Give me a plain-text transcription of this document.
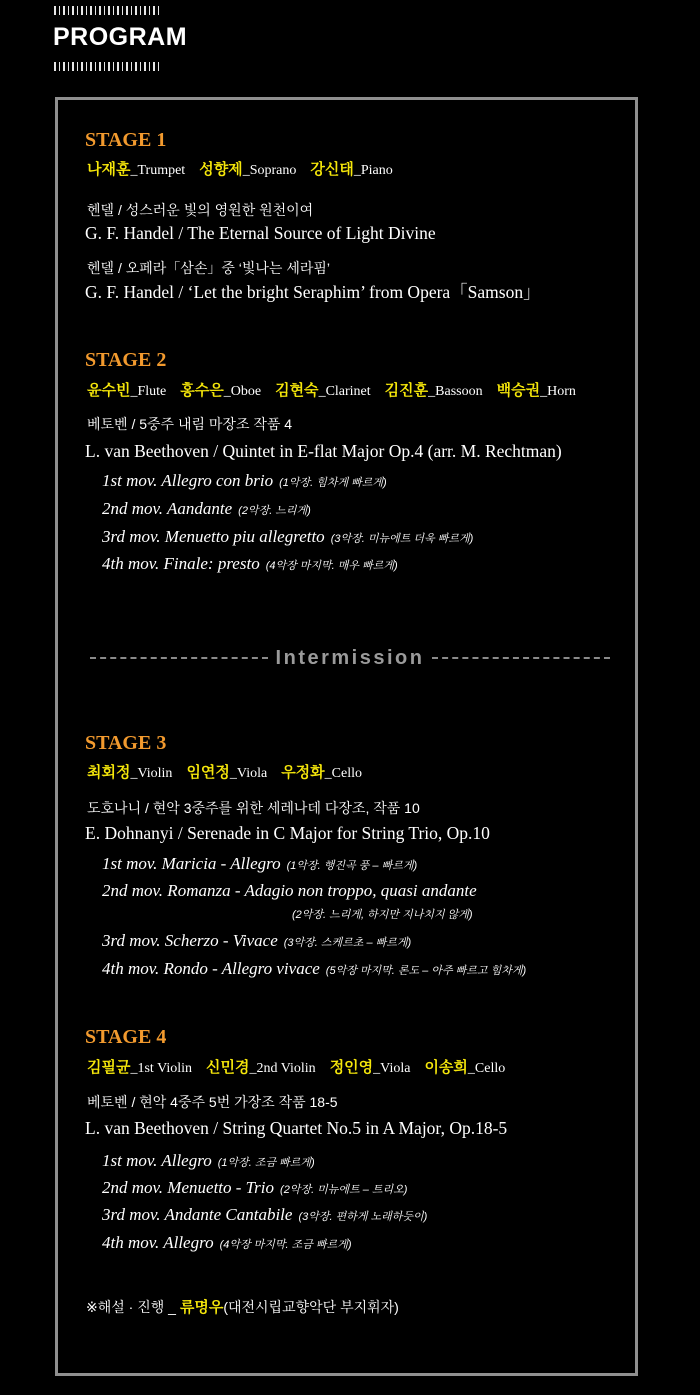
PROGRAM
STAGE 1
나재훈_Trumpet 성향제_Soprano 강신태_Piano
헨델 / 성스러운 빛의 영원한 원천이여
G. F. Handel / The Eternal Source of Light Divine
헨델 / 오페라「삼손」중 ‘빛나는 세라핌’
G. F. Handel / ‘Let the bright Seraphim’ from Opera「Samson」
STAGE 2
윤수빈_Flute 홍수은_Oboe 김현숙_Clarinet 김진훈_Bassoon 백승권_Horn
베토벤 / 5중주 내림 마장조 작품 4
L. van Beethoven / Quintet in E-flat Major Op.4 (arr. M. Rechtman)
1st mov. Allegro con brio (1악장. 힘차게 빠르게)
2nd mov. Aandante (2악장. 느리게)
3rd mov. Menuetto piu allegretto (3악장. 미뉴에트 더욱 빠르게)
4th mov. Finale: presto (4악장 마지막. 매우 빠르게)
Intermission
STAGE 3
최회정_Violin 임연정_Viola 우정화_Cello
도호나니 / 현악 3중주를 위한 세레나데 다장조, 작품 10
E. Dohnanyi / Serenade in C Major for String Trio, Op.10
1st mov. Maricia - Allegro (1악장. 행진곡 풍 – 빠르게)
2nd mov. Romanza - Adagio non troppo, quasi andante
(2악장. 느리게, 하지만 지나치지 않게)
3rd mov. Scherzo - Vivace (3악장. 스케르초 – 빠르게)
4th mov. Rondo - Allegro vivace (5악장 마지막. 론도 – 아주 빠르고 힘차게)
STAGE 4
김필균_1st Violin 신민경_2nd Violin 정인영_Viola 이송희_Cello
베토벤 / 현악 4중주 5번 가장조 작품 18-5
L. van Beethoven / String Quartet No.5 in A Major, Op.18-5
1st mov. Allegro (1악장. 조금 빠르게)
2nd mov. Menuetto - Trio (2악장. 미뉴에트 – 트리오)
3rd mov. Andante Cantabile (3악장. 편하게 노래하듯이)
4th mov. Allegro (4악장 마지막. 조금 빠르게)
※해설 · 진행 _ 류명우(대전시립교향악단 부지휘자)
